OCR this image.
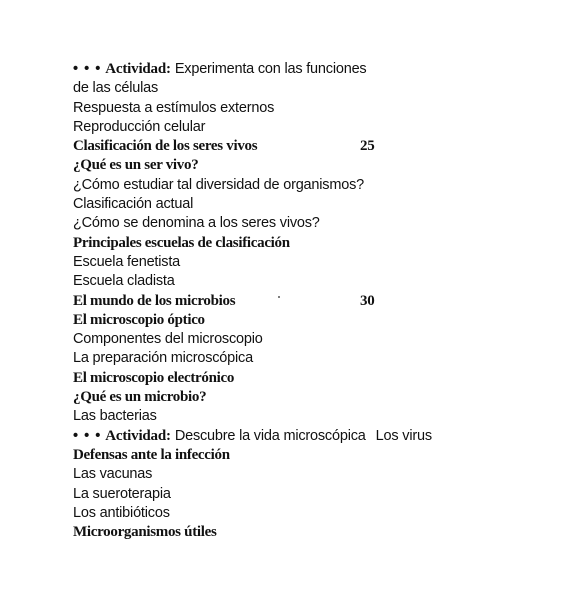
• • • Actividad: Experimenta con las funciones
de las células
Respuesta a estímulos externos
Reproducción celular
Clasificación de los seres vivos	25
¿Qué es un ser vivo?
¿Cómo estudiar tal diversidad de organismos?
Clasificación actual
¿Cómo se denomina a los seres vivos?
Principales escuelas de clasificación
Escuela fenetista
Escuela cladista
El mundo de los microbios	30
El microscopio óptico
Componentes del microscopio
La preparación microscópica
El microscopio electrónico
¿Qué es un microbio?
Las bacterias
• • • Actividad: Descubre la vida microscópica Los virus
Defensas ante la infección
Las vacunas
La sueroterapia
Los antibióticos
Microorganismos útiles
